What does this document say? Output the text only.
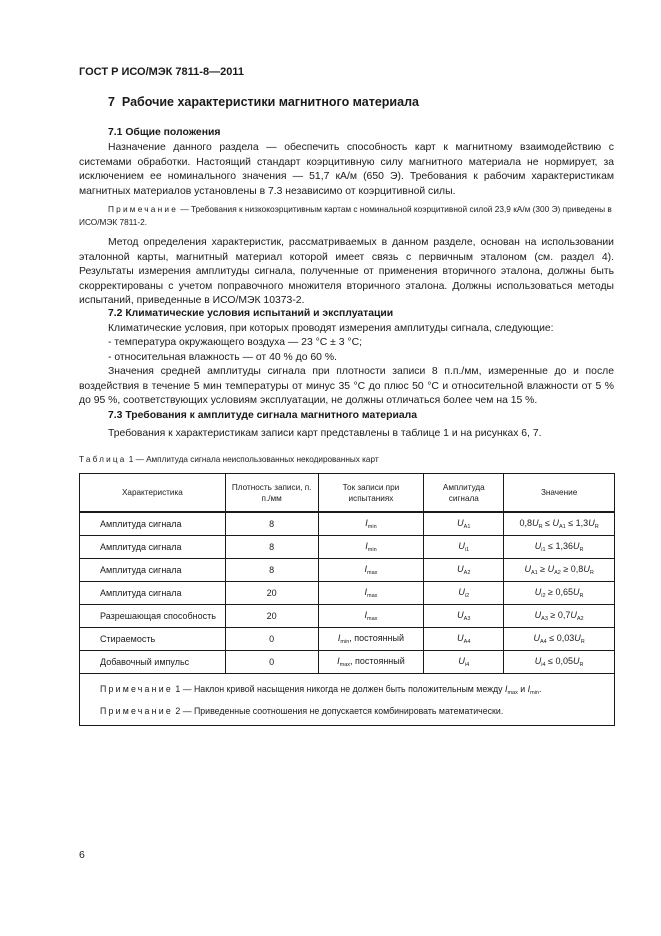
ГОСТ Р ИСО/МЭК 7811-8—2011
7 Рабочие характеристики магнитного материала
7.1 Общие положения
Назначение данного раздела — обеспечить способность карт к магнитному взаимодействию с системами обработки. Настоящий стандарт коэрцитивную силу магнитного материала не нормирует, за исключением ее номинального значения — 51,7 кА/м (650 Э). Требования к рабочим характеристикам магнитных материалов установлены в 7.3 независимо от коэрцитивной силы.
Примечание — Требования к низкокоэрцитивным картам с номинальной коэрцитивной силой 23,9 кА/м (300 Э) приведены в ИСО/МЭК 7811-2.
Метод определения характеристик, рассматриваемых в данном разделе, основан на использовании эталонной карты, магнитный материал которой имеет связь с первичным эталоном (см. раздел 4). Результаты измерения амплитуды сигнала, полученные от применения вторичного эталона, должны быть скорректированы с учетом поправочного множителя вторичного эталона. Должны использоваться методы испытаний, приведенные в ИСО/МЭК 10373-2.
7.2 Климатические условия испытаний и эксплуатации
Климатические условия, при которых проводят измерения амплитуды сигнала, следующие:
- температура окружающего воздуха — 23 °C ± 3 °C;
- относительная влажность — от 40 % до 60 %.
Значения средней амплитуды сигнала при плотности записи 8 п.п./мм, измеренные до и после воздействия в течение 5 мин температуры от минус 35 °C до плюс 50 °C и относительной влажности от 5 % до 95 %, соответствующих условиям эксплуатации, не должны отличаться более чем на 15 %.
7.3 Требования к амплитуде сигнала магнитного материала
Требования к характеристикам записи карт представлены в таблице 1 и на рисунках 6, 7.
Таблица 1 — Амплитуда сигнала неиспользованных некодированных карт
Характеристика	Плотность записи, п. п./мм	Ток записи при испытаниях	Амплитуда сигнала	Значение
Амплитуда сигнала	8	$I_{min}$	$U_{A1}$	$0,8U_R \le U_{A1} \le 1,3U_R$
Амплитуда сигнала	8	$I_{min}$	$U_{i1}$	$U_{i1} \le 1,36U_R$
Амплитуда сигнала	8	$I_{max}$	$U_{A2}$	$U_{A1} \ge U_{A2} \ge 0,8U_R$
Амплитуда сигнала	20	$I_{max}$	$U_{i2}$	$U_{i2} \ge 0,65U_R$
Разрешающая способность	20	$I_{max}$	$U_{A3}$	$U_{A3} \ge 0,7U_{A2}$
Стираемость	0	$I_{min}$, постоянный	$U_{A4}$	$U_{A4} \le 0,03U_R$
Добавочный импульс	0	$I_{max}$, постоянный	$U_{i4}$	$U_{i4} \le 0,05U_R$

Примечание 1 — Наклон кривой насыщения никогда не должен быть положительным между $I_{max}$ и $I_{min}$.
Примечание 2 — Приведенные соотношения не допускается комбинировать математически.				
6
